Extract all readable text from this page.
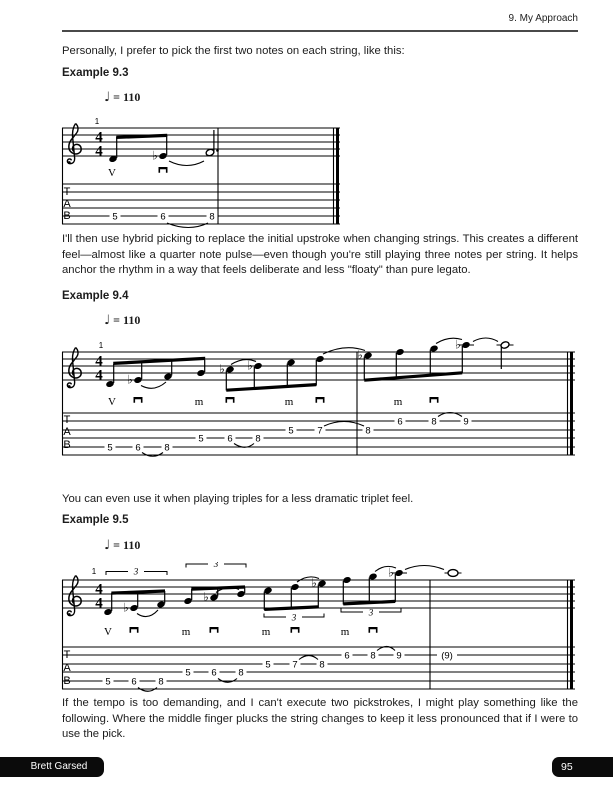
9. My Approach

Personally, I prefer to pick the first two notes on each string, like this:

Example 9.3
♩ = 110
4
4
1
♭
V
T
A
B	5	6	8

I'll then use hybrid picking to replace the initial upstroke when changing strings. This creates a different feel—almost like a quarter note pulse—even though you're still playing three notes per string. It helps anchor the rhythm in a way that feels deliberate and less "floaty" than pure legato.

Example 9.4
♩ = 110
4
4
1
♭
♭ ♭
♭
♭
V	m	m	m
T
A
B	5 6 8
5 6 8
5 7	8
6	8	9

You can even use it when playing triples for a less dramatic triplet feel.

Example 9.5
♩ = 110
4
4
1
♭
3
♭
3
♭
3
♭
3
V	m	m	m
T
A
B	5 6 8
5 6 8
5 7 8
6 8 9	(9)

If the tempo is too demanding, and I can't execute two pickstrokes, I might play something like the following. Where the middle finger plucks the string changes to keep it less pronounced that if I were to use the pick.

Brett Garsed	95
